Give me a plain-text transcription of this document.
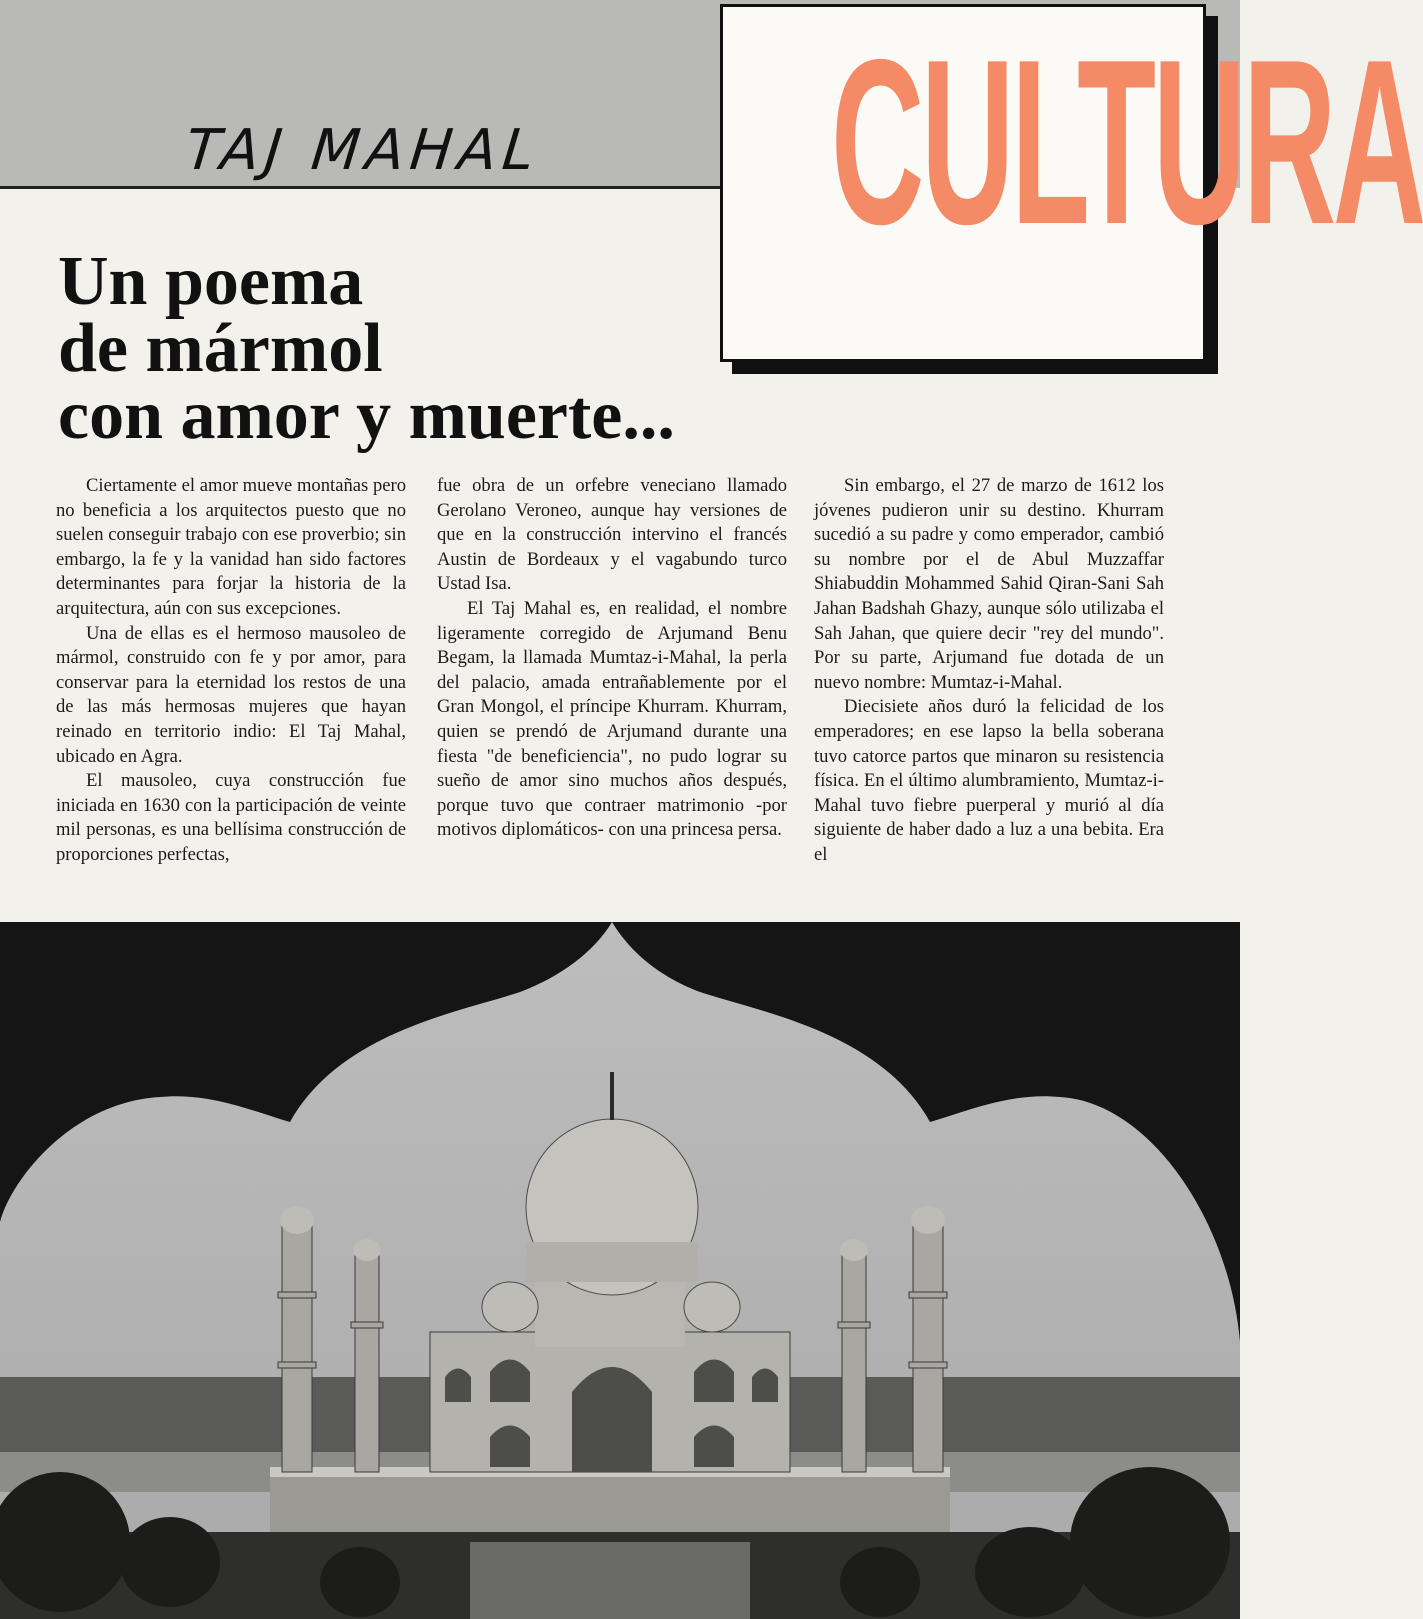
TAJ MAHAL CULTURA
Un poema
de mármol
con amor y muerte...

Ciertamente el amor mueve montañas pero no beneficia a los arquitectos puesto que no suelen conseguir trabajo con ese proverbio; sin embargo, la fe y la vanidad han sido factores determinantes para forjar la historia de la arquitectura, aún con sus excepciones.

Una de ellas es el hermoso mausoleo de mármol, construido con fe y por amor, para conservar para la eternidad los restos de una de las más hermosas mujeres que hayan reinado en territorio indio: El Taj Mahal, ubicado en Agra.

El mausoleo, cuya construcción fue iniciada en 1630 con la participación de veinte mil personas, es una bellísima construcción de proporciones perfectas,

fue obra de un orfebre veneciano llamado Gerolano Veroneo, aunque hay versiones de que en la construcción intervino el francés Austin de Bordeaux y el vagabundo turco Ustad Isa.

El Taj Mahal es, en realidad, el nombre ligeramente corregido de Arjumand Benu Begam, la llamada Mumtaz-i-Mahal, la perla del palacio, amada entrañablemente por el Gran Mongol, el príncipe Khurram. Khurram, quien se prendó de Arjumand durante una fiesta "de beneficiencia", no pudo lograr su sueño de amor sino muchos años después, porque tuvo que contraer matrimonio -por motivos diplomáticos- con una princesa persa.

Sin embargo, el 27 de marzo de 1612 los jóvenes pudieron unir su destino. Khurram sucedió a su padre y como emperador, cambió su nombre por el de Abul Muzzaffar Shiabuddin Mohammed Sahid Qiran-Sani Sah Jahan Badshah Ghazy, aunque sólo utilizaba el Sah Jahan, que quiere decir "rey del mundo". Por su parte, Arjumand fue dotada de un nuevo nombre: Mumtaz-i-Mahal.

Diecisiete años duró la felicidad de los emperadores; en ese lapso la bella soberana tuvo catorce partos que minaron su resistencia física. En el último alumbramiento, Mumtaz-i-Mahal tuvo fiebre puerperal y murió al día siguiente de haber dado a luz a una bebita. Era el
